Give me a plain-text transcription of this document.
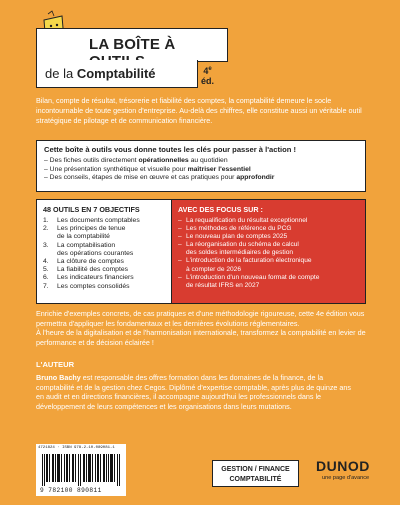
LA BOÎTE À
de la Comptabilité	4e
éd.
Bilan, compte de résultat, trésorerie et fiabilité des comptes, la comptabilité demeure le socle incontournable de toute gestion d'entreprise. Au-delà des chiffres, elle constitue aussi un véritable outil stratégique de pilotage et de communication financière.
Cette boîte à outils vous donne toutes les clés pour passer à l'action !
– Des fiches outils directement opérationnelles au quotidien
– Une présentation synthétique et visuelle pour maîtriser l'essentiel
– Des conseils, étapes de mise en œuvre et cas pratiques pour approfondir
48 OUTILS EN 7 OBJECTIFS
1.	Les documents comptables
2.	Les principes de tenue
de la comptabilité
3.	La comptabilisation
des opérations courantes
4.	La clôture de comptes
5.	La fiabilité des comptes
6.	Les indicateurs financiers
7.	Les comptes consolidés
AVEC DES FOCUS SUR :
– La requalification du résultat exceptionnel
– Les méthodes de référence du PCG
– Le nouveau plan de comptes 2025
– La réorganisation du schéma de calcul
des soldes intermédiaires de gestion
– L'introduction de la facturation électronique
à compter de 2026
– L'introduction d'un nouveau format de compte
de résultat IFRS en 2027
Enrichie d'exemples concrets, de cas pratiques et d'une méthodologie rigoureuse, cette 4e édition vous permettra d'appliquer les fondamentaux et les dernières évolutions réglementaires.
À l'heure de la digitalisation et de l'harmonisation internationale, transformez la comptabilité en levier de performance et de décision éclairée !
L'AUTEUR
Bruno Bachy est responsable des offres formation dans les domaines de la finance, de la comptabilité et de la gestion chez Cegos. Diplômé d'expertise comptable, après plus de quinze ans en audit et en directions financières, il accompagne aujourd'hui les professionnels dans le développement de leurs compétences et les organisations dans leurs mutations.
4721824 · ISBN 978-2-10-089081-1
9 782100 890811
GESTION / FINANCE
COMPTABILITÉ
DUNOD
une page d'avance
